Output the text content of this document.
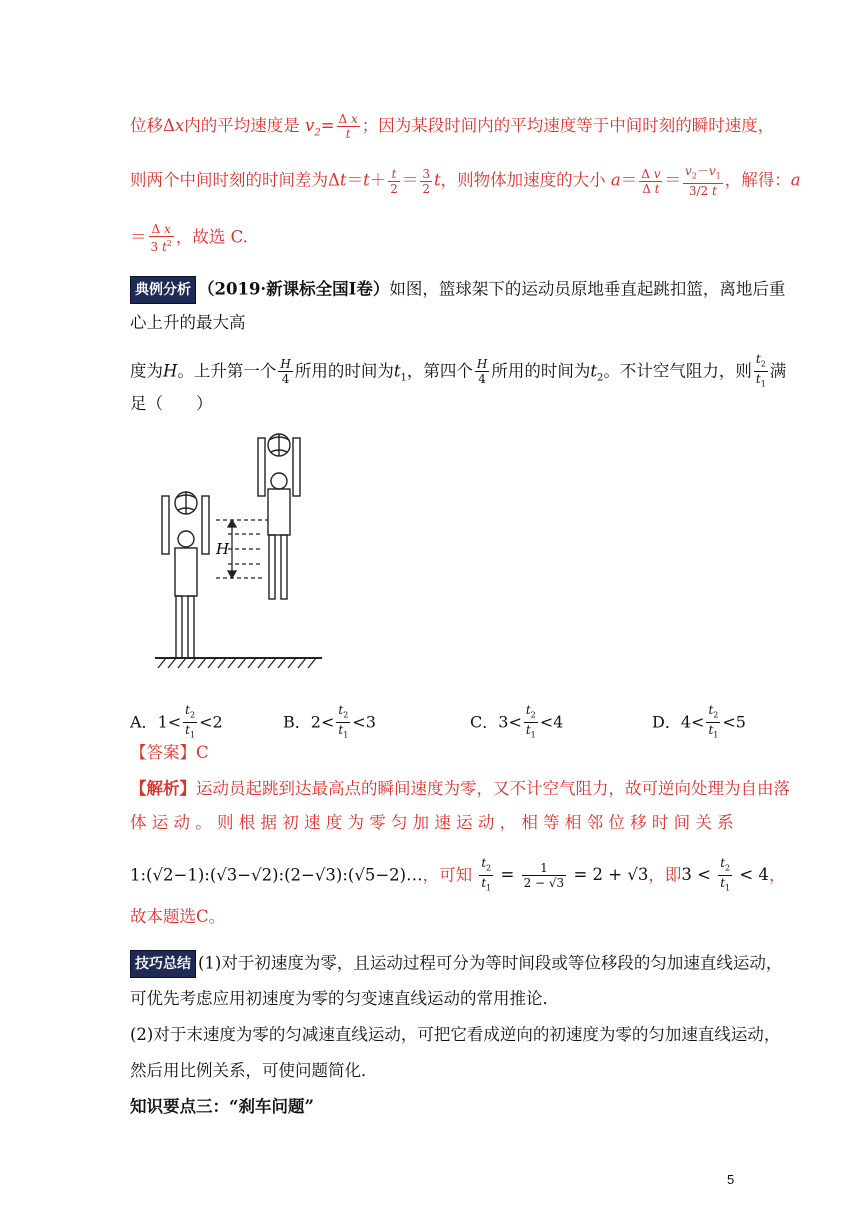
位移Δx内的平均速度是 $v_2= \frac{\text{Δ x}}{t}$ ；因为某段时间内的平均速度等于中间时刻的瞬时速度，
则两个中间时刻的时间差为$\Delta t=t+ \frac{t}{2} = \frac{3}{2}$ t，则物体加速度的大小 $a= \frac{\text{Δ v}}{\text{Δ t}} = \frac{v_2-v_1}{3/2 t}$ ，解得：a
＝ $\frac{\text{Δ x}}{3 t^2}$ ，故选 C.
典例分析 （2019·新课标全国Ⅰ卷）如图，篮球架下的运动员原地垂直起跳扣篮，离地后重
心上升的最大高
度为H。上升第一个 $\frac{H}{4}$ 所用的时间为$t_1$，第四个 $\frac{H}{4}$ 所用的时间为$t_2$。不计空气阻力，则 $\frac{t_2}{t_1}$ 满
足（　　）
H
A．$1< \frac{t_2}{t_1} <2$	B．$2< \frac{t_2}{t_1} <3$	C．$3< \frac{t_2}{t_1} <4$	D．$4< \frac{t_2}{t_1} <5$
【答案】C
【解析】运动员起跳到达最高点的瞬间速度为零，又不计空气阻力，故可逆向处理为自由落
体 运 动 。 则 根 据 初 速 度 为 零 匀 加 速 运 动 ， 相 等 相 邻 位 移 时 间 关 系
1:(√2−1):(√3−√2):(2−√3):(√5−2)…，可知 $\frac{t_2}{t_1} = \frac{1}{2 - √3} = 2 + √3$，即$3 < \frac{t_2}{t_1} < 4$，
故本题选C。
技巧总结 (1)对于初速度为零，且运动过程可分为等时间段或等位移段的匀加速直线运动，
可优先考虑应用初速度为零的匀变速直线运动的常用推论．
(2)对于末速度为零的匀减速直线运动，可把它看成逆向的初速度为零的匀加速直线运动，
然后用比例关系，可使问题简化．
知识要点三：“刹车问题”
5
